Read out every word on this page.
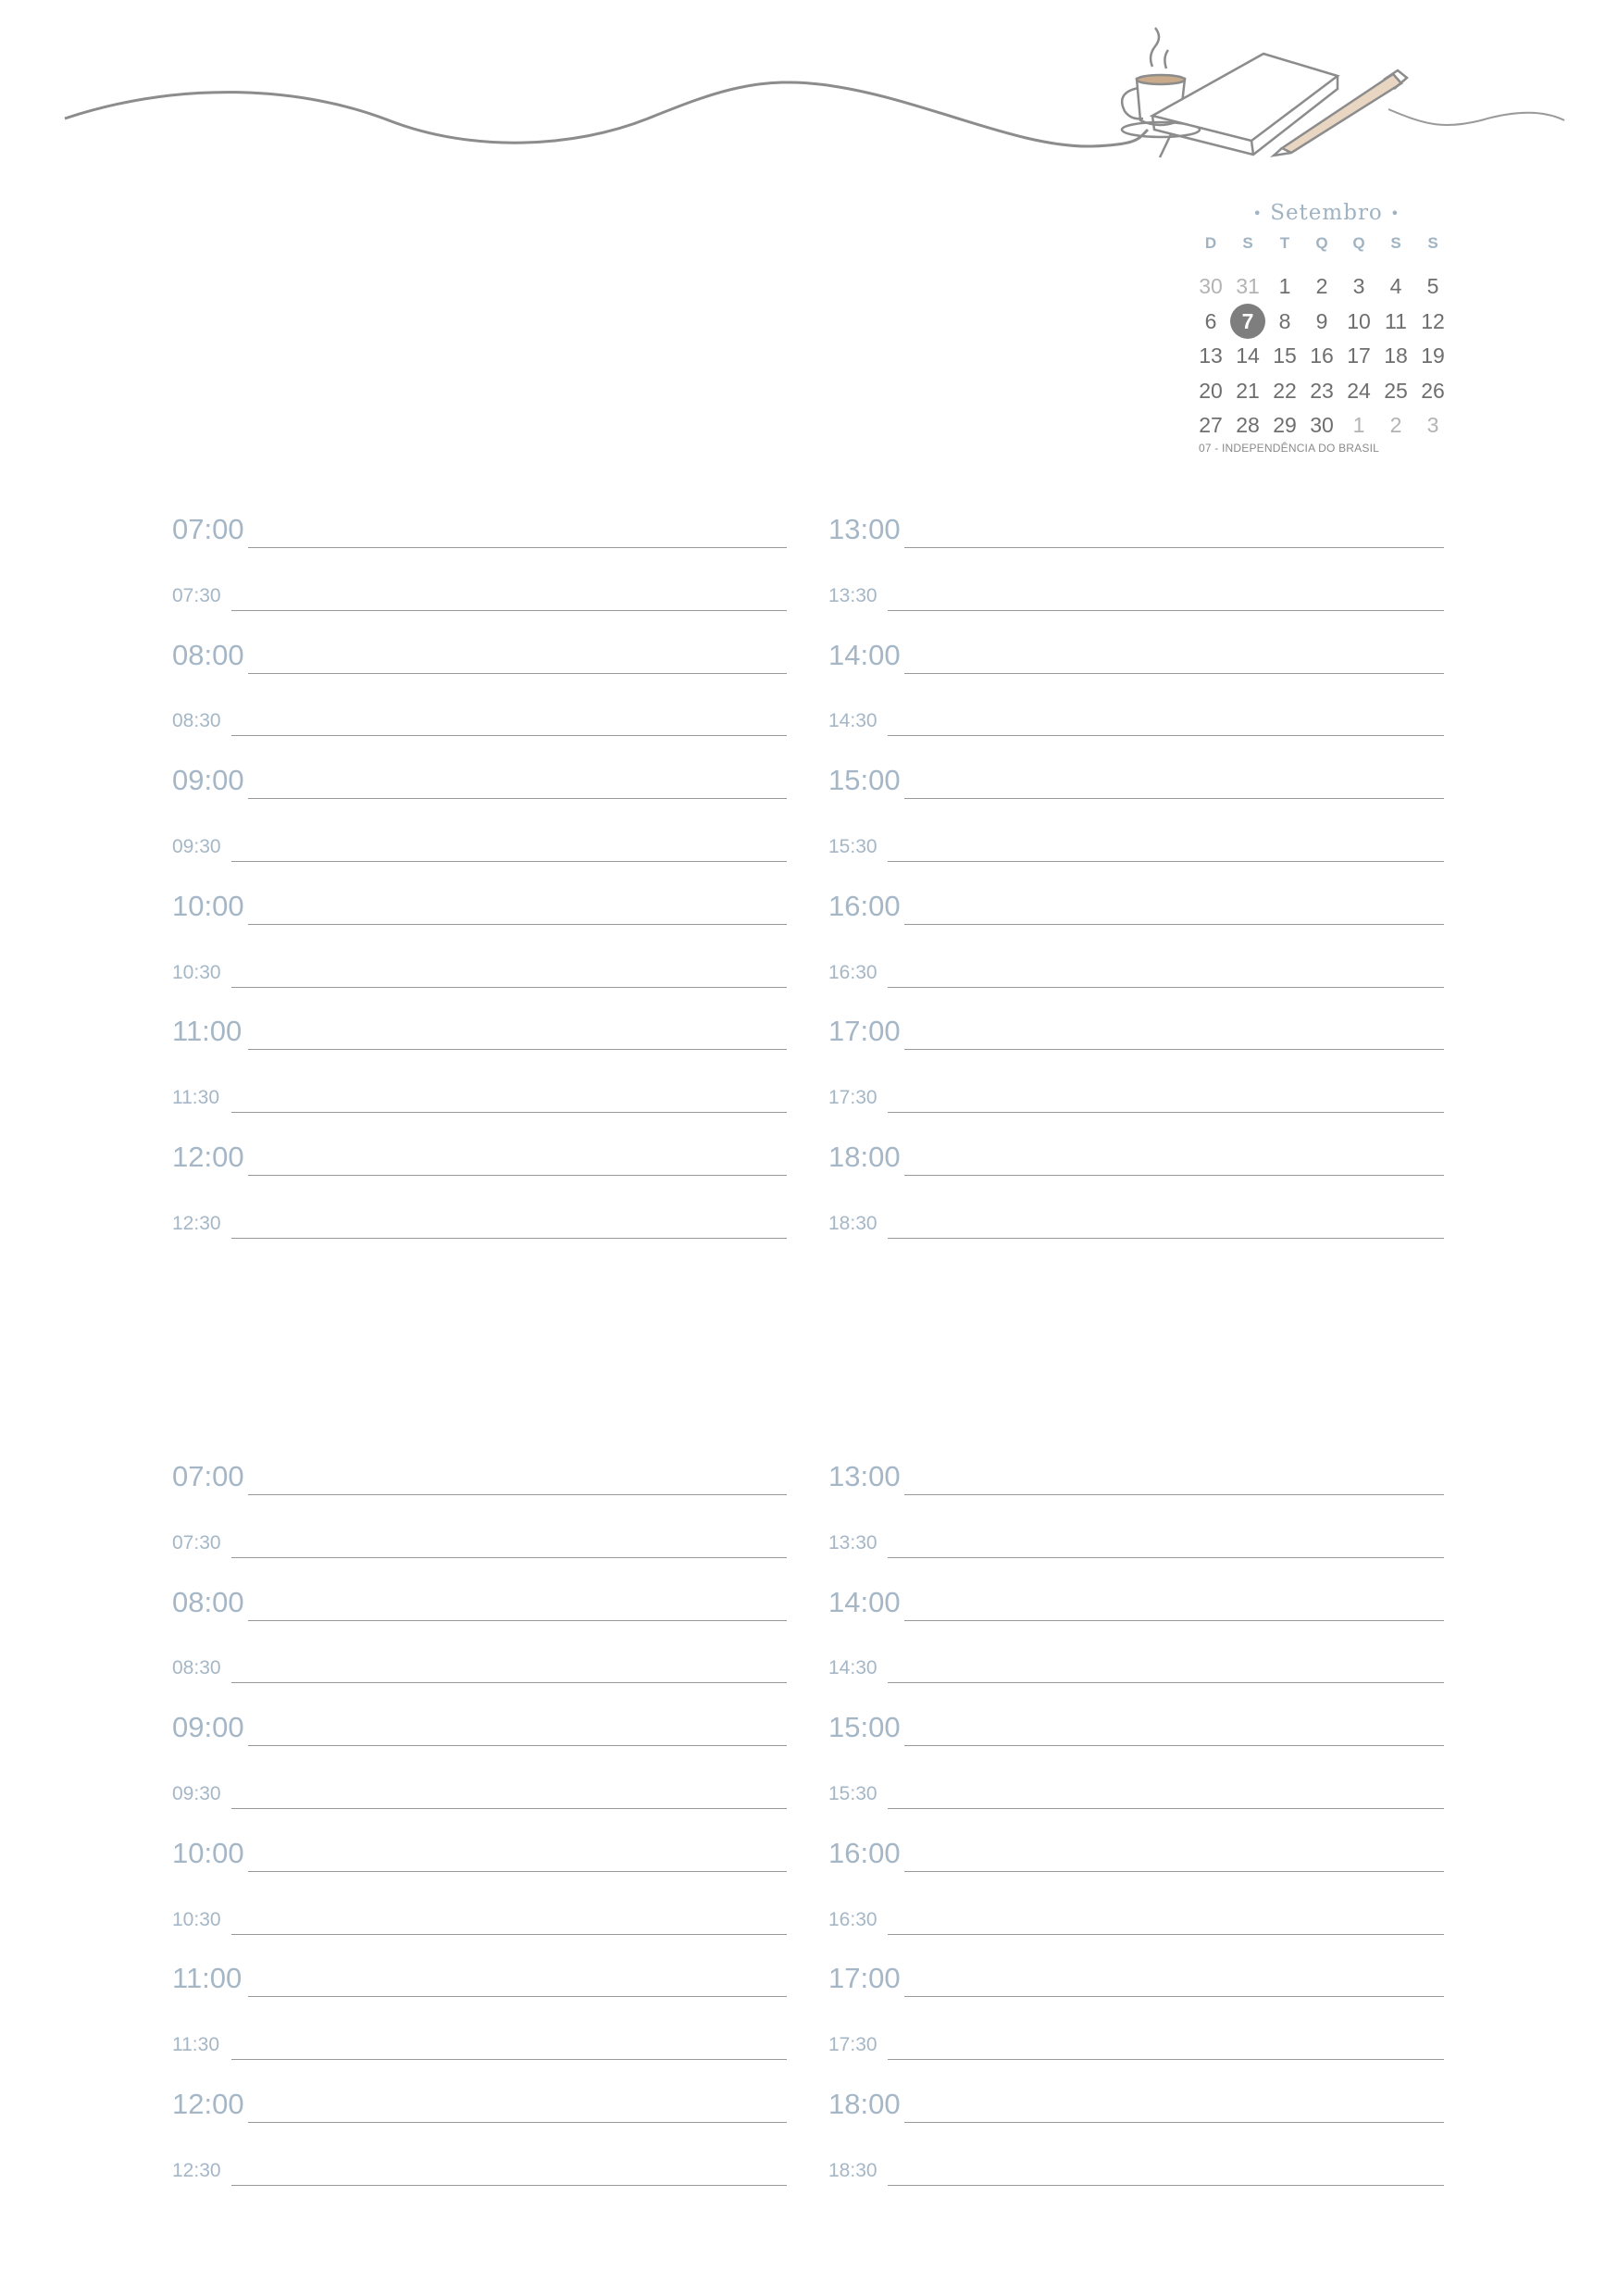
• Setembro •
D	S	T	Q	Q	S	S
30 31 1	2	3	4	5
6	7	8	9 10 11 12
13 14 15 16 17 18 19
20 21 22 23 24 25 26
27 28 29 30 1	2	3
07 - INDEPENDÊNCIA DO BRASIL
07:00
07:30
08:00
08:30
09:00
09:30
10:00
10:30
11:00
11:30
12:00
12:30
13:00
13:30
14:00
14:30
15:00
15:30
16:00
16:30
17:00
17:30
18:00
18:30
07:00
07:30
08:00
08:30
09:00
09:30
10:00
10:30
11:00
11:30
12:00
12:30
13:00
13:30
14:00
14:30
15:00
15:30
16:00
16:30
17:00
17:30
18:00
18:30
